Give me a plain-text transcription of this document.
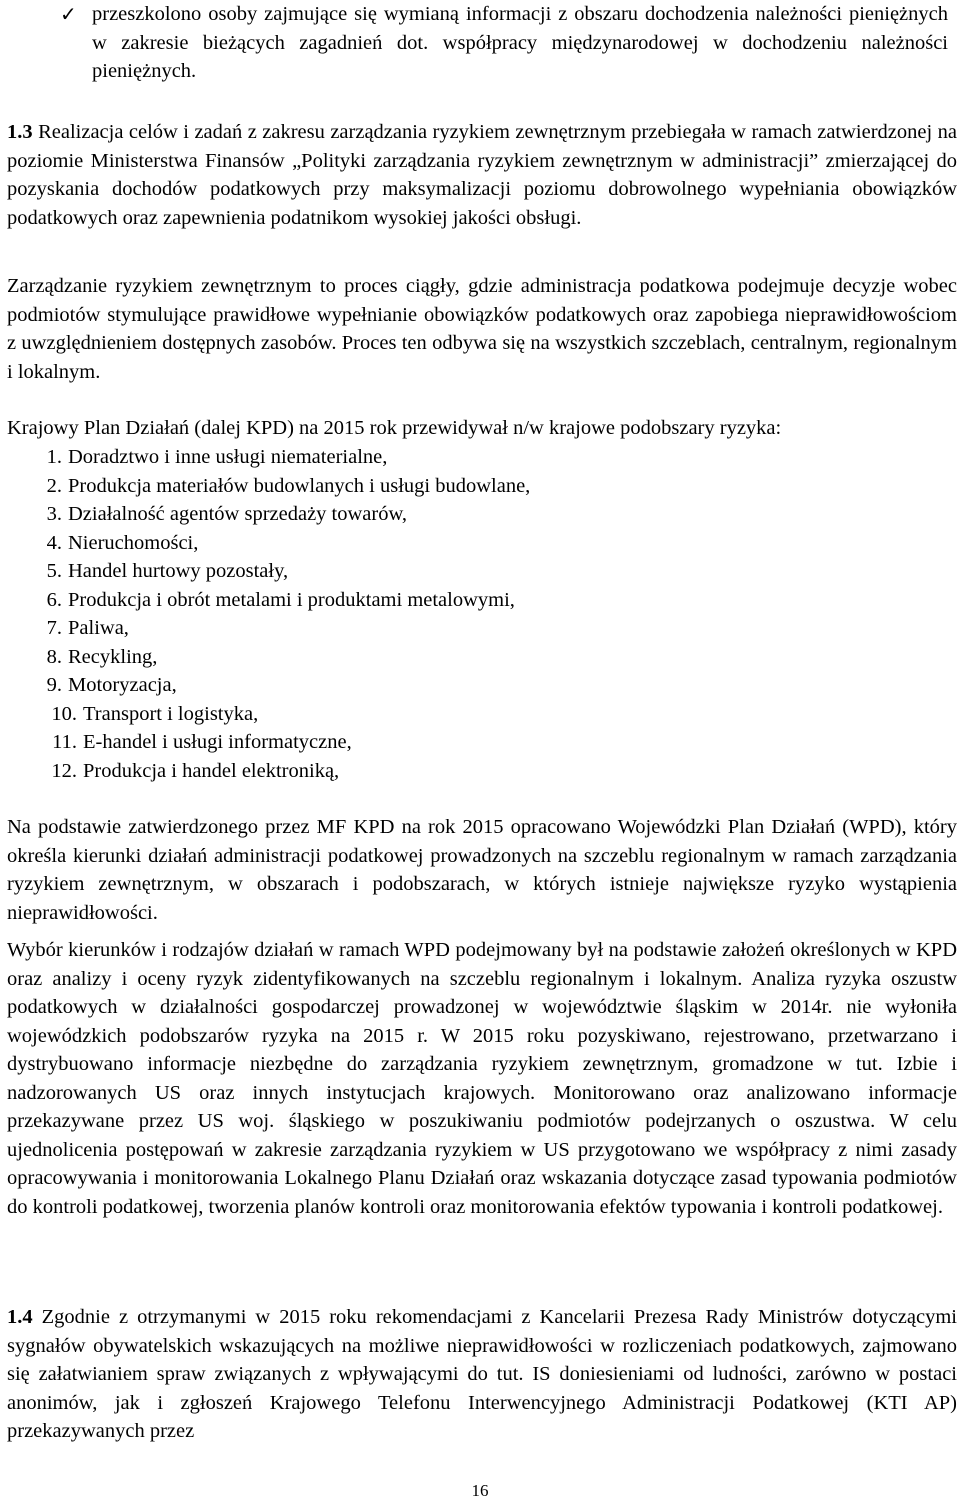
✓ przeszkolono osoby zajmujące się wymianą informacji z obszaru dochodzenia należności pieniężnych w zakresie bieżących zagadnień dot. współpracy międzynarodowej w dochodzeniu należności pieniężnych.

1.3 Realizacja celów i zadań z zakresu zarządzania ryzykiem zewnętrznym przebiegała w ramach zatwierdzonej na poziomie Ministerstwa Finansów „Polityki zarządzania ryzykiem zewnętrznym w administracji” zmierzającej do pozyskania dochodów podatkowych przy maksymalizacji poziomu dobrowolnego wypełniania obowiązków podatkowych oraz zapewnienia podatnikom wysokiej jakości obsługi.

Zarządzanie ryzykiem zewnętrznym to proces ciągły, gdzie administracja podatkowa podejmuje decyzje wobec podmiotów stymulujące prawidłowe wypełnianie obowiązków podatkowych oraz zapobiega nieprawidłowościom z uwzględnieniem dostępnych zasobów. Proces ten odbywa się na wszystkich szczeblach, centralnym, regionalnym i lokalnym.

Krajowy Plan Działań (dalej KPD) na 2015 rok przewidywał n/w krajowe podobszary ryzyka:

1. Doradztwo i inne usługi niematerialne,
2. Produkcja materiałów budowlanych i usługi budowlane,
3. Działalność agentów sprzedaży towarów,
4. Nieruchomości,
5. Handel hurtowy pozostały,
6. Produkcja i obrót metalami i produktami metalowymi,
7. Paliwa,
8. Recykling,
9. Motoryzacja,
10. Transport i logistyka,
11. E-handel i usługi informatyczne,
12. Produkcja i handel elektroniką,

Na podstawie zatwierdzonego przez MF KPD na rok 2015 opracowano Wojewódzki Plan Działań (WPD), który określa kierunki działań administracji podatkowej prowadzonych na szczeblu regionalnym w ramach zarządzania ryzykiem zewnętrznym, w obszarach i podobszarach, w których istnieje największe ryzyko wystąpienia nieprawidłowości.

Wybór kierunków i rodzajów działań w ramach WPD podejmowany był na podstawie założeń określonych w KPD oraz analizy i oceny ryzyk zidentyfikowanych na szczeblu regionalnym i lokalnym. Analiza ryzyka oszustw podatkowych w działalności gospodarczej prowadzonej w województwie śląskim w 2014r. nie wyłoniła wojewódzkich podobszarów ryzyka na 2015 r. W 2015 roku pozyskiwano, rejestrowano, przetwarzano i dystrybuowano informacje niezbędne do zarządzania ryzykiem zewnętrznym, gromadzone w tut. Izbie i nadzorowanych US oraz innych instytucjach krajowych. Monitorowano oraz analizowano informacje przekazywane przez US woj. śląskiego w poszukiwaniu podmiotów podejrzanych o oszustwa. W celu ujednolicenia postępowań w zakresie zarządzania ryzykiem w US przygotowano we współpracy z nimi zasady opracowywania i monitorowania Lokalnego Planu Działań oraz wskazania dotyczące zasad typowania podmiotów do kontroli podatkowej, tworzenia planów kontroli oraz monitorowania efektów typowania i kontroli podatkowej.

1.4 Zgodnie z otrzymanymi w 2015 roku rekomendacjami z Kancelarii Prezesa Rady Ministrów dotyczącymi sygnałów obywatelskich wskazujących na możliwe nieprawidłowości w rozliczeniach podatkowych, zajmowano się załatwianiem spraw związanych z wpływającymi do tut. IS doniesieniami od ludności, zarówno w postaci anonimów, jak i zgłoszeń Krajowego Telefonu Interwencyjnego Administracji Podatkowej (KTI AP) przekazywanych przez

16
